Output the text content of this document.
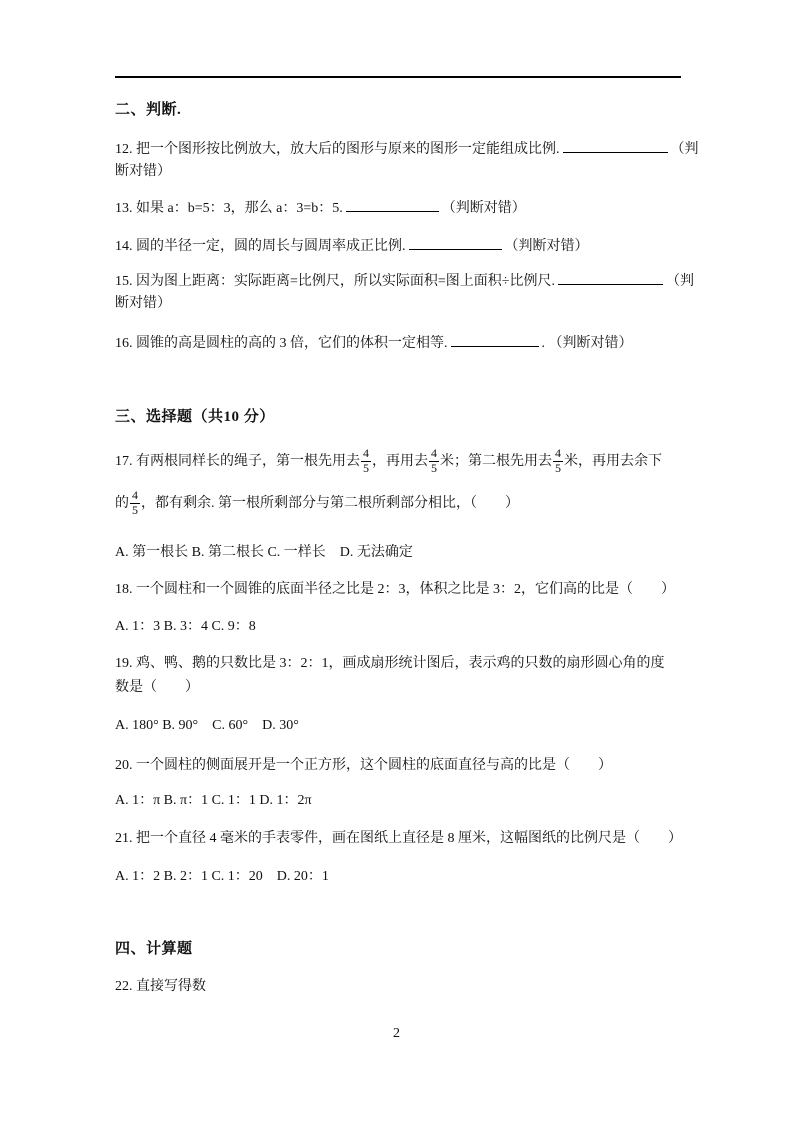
二、判断.
12. 把一个图形按比例放大，放大后的图形与原来的图形一定能组成比例.	（判
断对错）
13. 如果 a：b=5：3，那么 a：3=b：5.	（判断对错）
14. 圆的半径一定，圆的周长与圆周率成正比例.	（判断对错）
15. 因为图上距离：实际距离=比例尺，所以实际面积=图上面积÷比例尺.	（判
断对错）
16. 圆锥的高是圆柱的高的 3 倍，它们的体积一定相等.	. （判断对错）
三、选择题（共10 分）
17. 有两根同样长的绳子，第一根先用去 $\frac{4}{5}$ ，再用去 $\frac{4}{5}$ 米；第二根先用去 $\frac{4}{5}$ 米，再用去余下
的 $\frac{4}{5}$ ，都有剩余. 第一根所剩部分与第二根所剩部分相比，（　　）
A. 第一根长 B. 第二根长 C. 一样长　D. 无法确定
18. 一个圆柱和一个圆锥的底面半径之比是 2：3，体积之比是 3：2，它们高的比是（　　）
A. 1：3 B. 3：4 C. 9：8
19. 鸡、鸭、鹅的只数比是 3：2：1，画成扇形统计图后，表示鸡的只数的扇形圆心角的度
数是（　　）
A. 180° B. 90°　C. 60°　D. 30°
20. 一个圆柱的侧面展开是一个正方形，这个圆柱的底面直径与高的比是（　　）
A. 1：π B. π：1 C. 1：1 D. 1：2π
21. 把一个直径 4 毫米的手表零件，画在图纸上直径是 8 厘米，这幅图纸的比例尺是（　　）
A. 1：2 B. 2：1 C. 1：20　D. 20：1
四、计算题
22. 直接写得数
2
